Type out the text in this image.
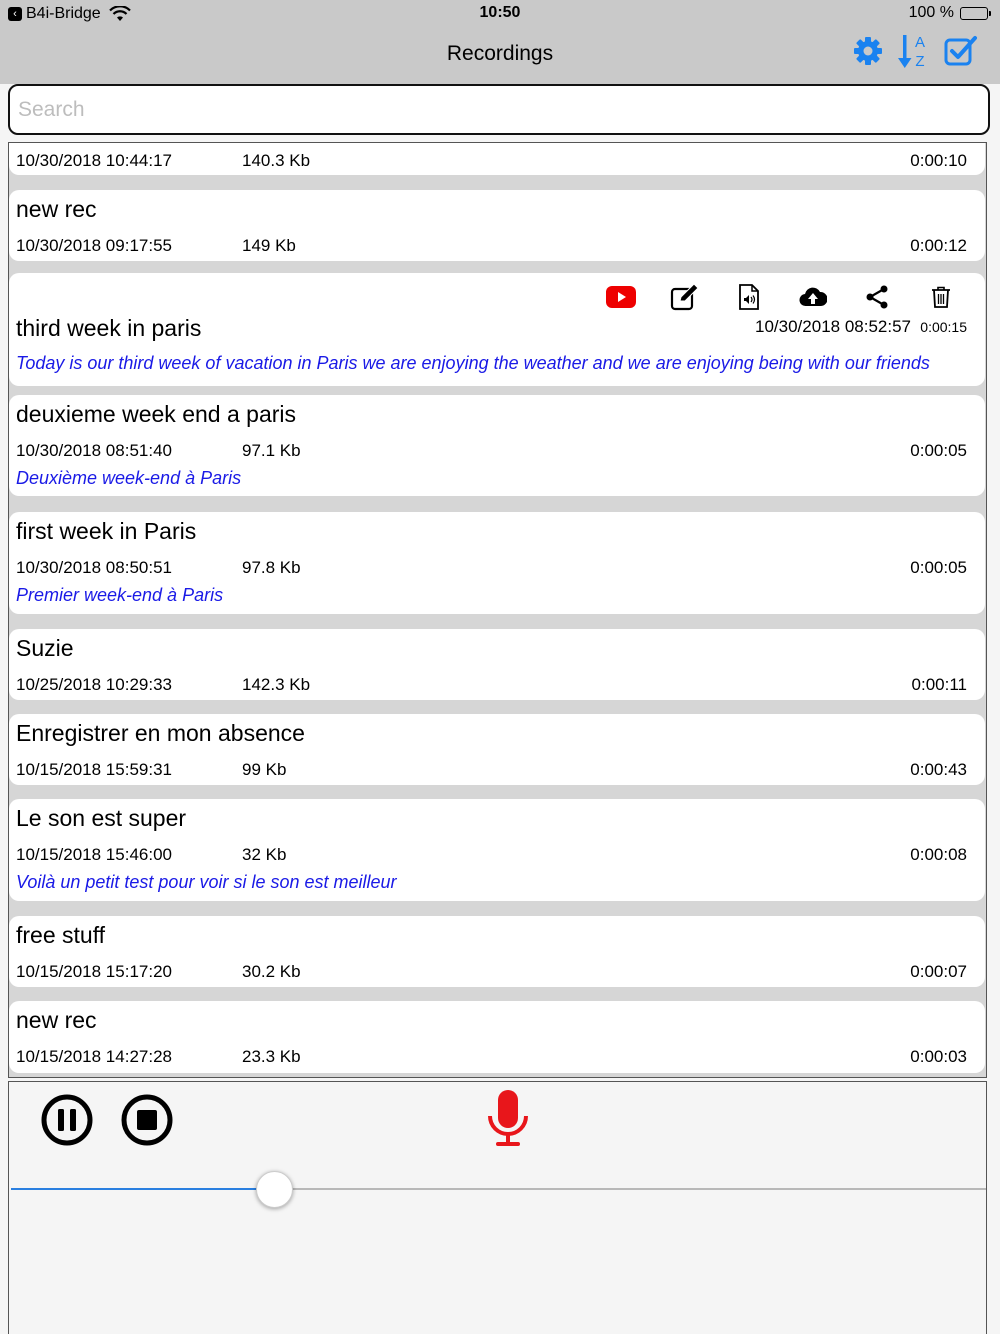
‹ B4i-Bridge	10:50	100 %
Recordings	A
Z
Search
10/30/2018 10:44:17	140.3 Kb	0:00:10
new rec
10/30/2018 09:17:55	149 Kb	0:00:12
third week in paris	10/30/2018 08:52:57 0:00:15
Today is our third week of vacation in Paris we are enjoying the weather and we are enjoying being with our friends
deuxieme week end a paris
10/30/2018 08:51:40	97.1 Kb	0:00:05
Deuxième week-end à Paris
first week in Paris
10/30/2018 08:50:51	97.8 Kb	0:00:05
Premier week-end à Paris
Suzie
10/25/2018 10:29:33	142.3 Kb	0:00:11
Enregistrer en mon absence
10/15/2018 15:59:31	99 Kb	0:00:43
Le son est super
10/15/2018 15:46:00	32 Kb	0:00:08
Voilà un petit test pour voir si le son est meilleur
free stuff
10/15/2018 15:17:20	30.2 Kb	0:00:07
new rec
10/15/2018 14:27:28	23.3 Kb	0:00:03
